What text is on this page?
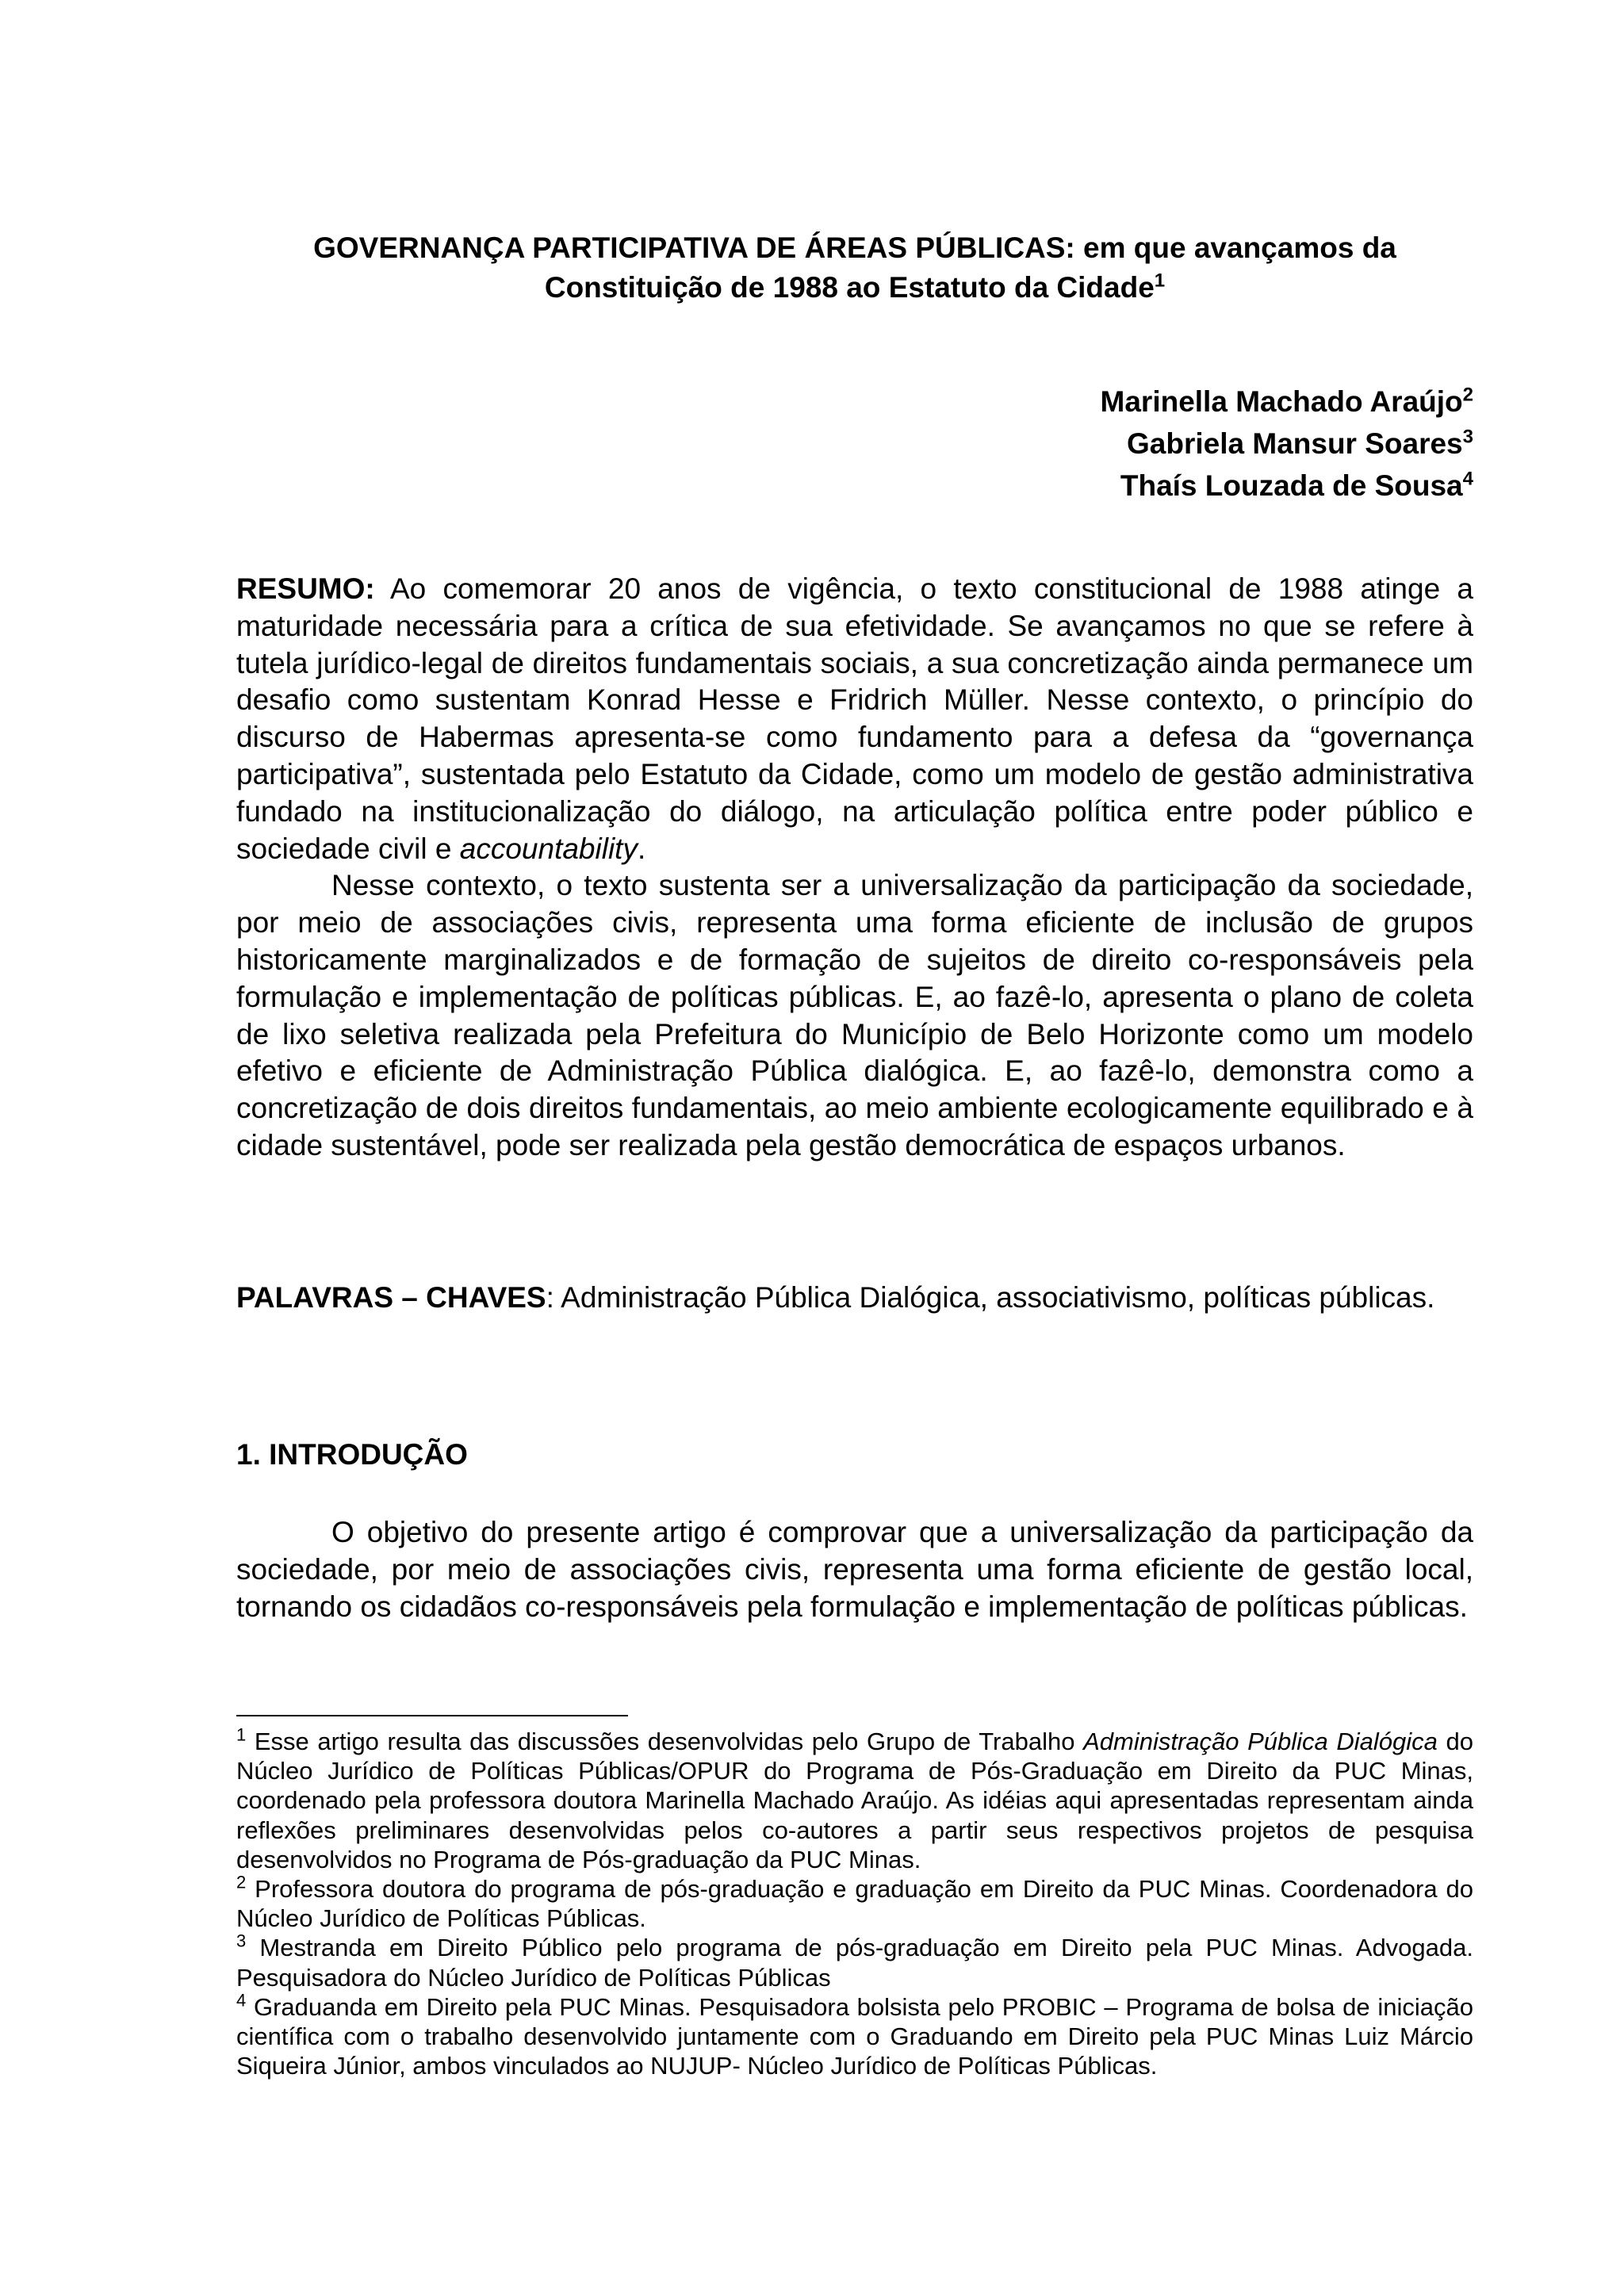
GOVERNANÇA PARTICIPATIVA DE ÁREAS PÚBLICAS: em que avançamos da
Constituição de 1988 ao Estatuto da Cidade$^1$
Marinella Machado Araújo$^2$
Gabriela Mansur Soares$^3$
Thaís Louzada de Sousa$^4$

RESUMO: Ao comemorar 20 anos de vigência, o texto constitucional de 1988 atinge a maturidade necessária para a crítica de sua efetividade. Se avançamos no que se refere à tutela jurídico-legal de direitos fundamentais sociais, a sua concretização ainda permanece um desafio como sustentam Konrad Hesse e Fridrich Müller. Nesse contexto, o princípio do discurso de Habermas apresenta-se como fundamento para a defesa da “governança participativa”, sustentada pelo Estatuto da Cidade, como um modelo de gestão administrativa fundado na institucionalização do diálogo, na articulação política entre poder público e sociedade civil e accountability.

Nesse contexto, o texto sustenta ser a universalização da participação da sociedade, por meio de associações civis, representa uma forma eficiente de inclusão de grupos historicamente marginalizados e de formação de sujeitos de direito co-responsáveis pela formulação e implementação de políticas públicas. E, ao fazê-lo, apresenta o plano de coleta de lixo seletiva realizada pela Prefeitura do Município de Belo Horizonte como um modelo efetivo e eficiente de Administração Pública dialógica. E, ao fazê-lo, demonstra como a concretização de dois direitos fundamentais, ao meio ambiente ecologicamente equilibrado e à cidade sustentável, pode ser realizada pela gestão democrática de espaços urbanos.

PALAVRAS – CHAVES: Administração Pública Dialógica, associativismo, políticas públicas.

1. INTRODUÇÃO

O objetivo do presente artigo é comprovar que a universalização da participação da sociedade, por meio de associações civis, representa uma forma eficiente de gestão local, tornando os cidadãos co-responsáveis pela formulação e implementação de políticas públicas.

$^1$ Esse artigo resulta das discussões desenvolvidas pelo Grupo de Trabalho Administração Pública Dialógica do Núcleo Jurídico de Políticas Públicas/OPUR do Programa de Pós-Graduação em Direito da PUC Minas, coordenado pela professora doutora Marinella Machado Araújo. As idéias aqui apresentadas representam ainda reflexões preliminares desenvolvidas pelos co-autores a partir seus respectivos projetos de pesquisa desenvolvidos no Programa de Pós-graduação da PUC Minas.

$^2$ Professora doutora do programa de pós-graduação e graduação em Direito da PUC Minas. Coordenadora do Núcleo Jurídico de Políticas Públicas.

$^3$ Mestranda em Direito Público pelo programa de pós-graduação em Direito pela PUC Minas. Advogada. Pesquisadora do Núcleo Jurídico de Políticas Públicas

$^4$ Graduanda em Direito pela PUC Minas. Pesquisadora bolsista pelo PROBIC – Programa de bolsa de iniciação científica com o trabalho desenvolvido juntamente com o Graduando em Direito pela PUC Minas Luiz Márcio Siqueira Júnior, ambos vinculados ao NUJUP- Núcleo Jurídico de Políticas Públicas.
